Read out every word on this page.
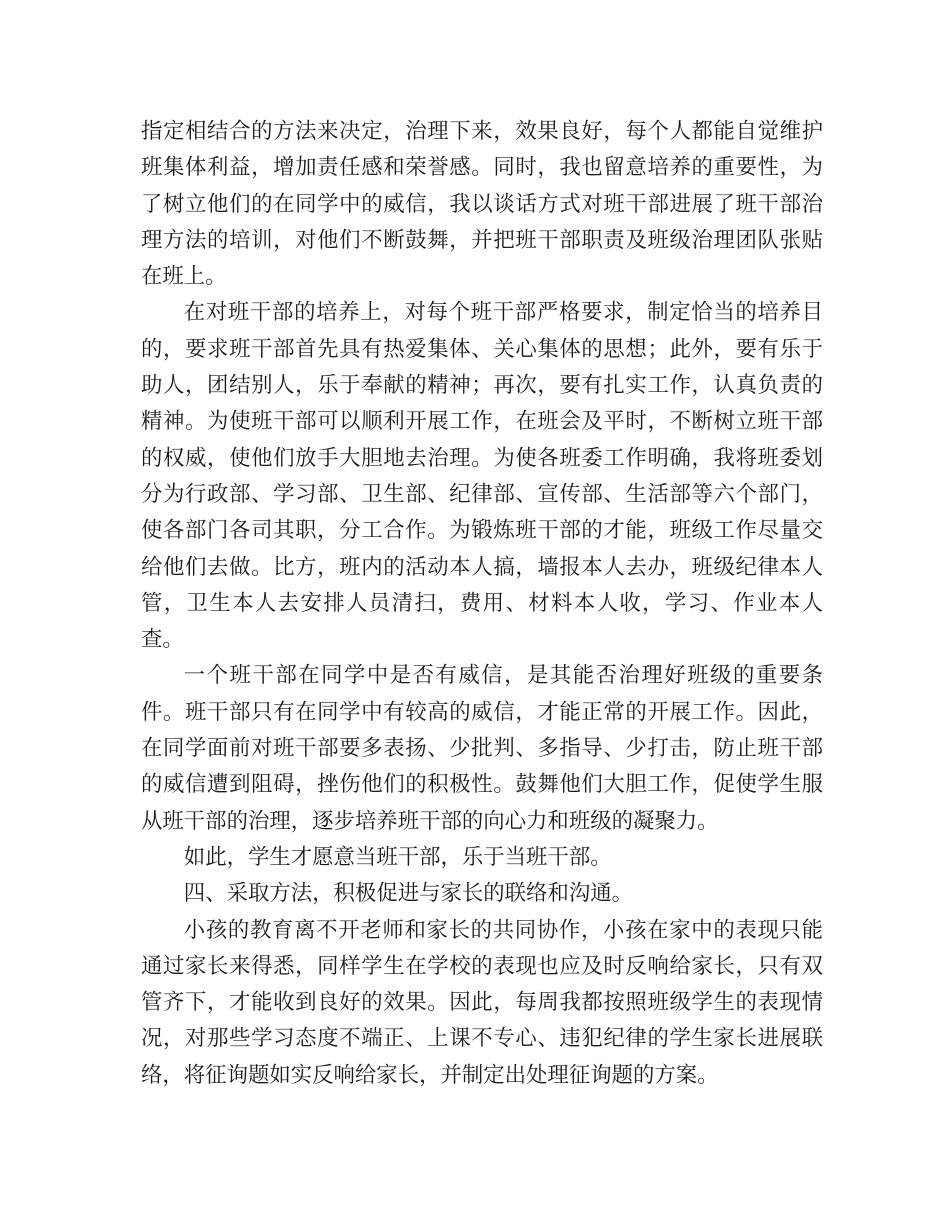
指定相结合的方法来决定，治理下来，效果良好，每个人都能自觉维护班集体利益，增加责任感和荣誉感。同时，我也留意培养的重要性，为了树立他们的在同学中的威信，我以谈话方式对班干部进展了班干部治理方法的培训，对他们不断鼓舞，并把班干部职责及班级治理团队张贴在班上。

在对班干部的培养上，对每个班干部严格要求，制定恰当的培养目的，要求班干部首先具有热爱集体、关心集体的思想；此外，要有乐于助人，团结别人，乐于奉献的精神；再次，要有扎实工作，认真负责的精神。为使班干部可以顺利开展工作，在班会及平时，不断树立班干部的权威，使他们放手大胆地去治理。为使各班委工作明确，我将班委划分为行政部、学习部、卫生部、纪律部、宣传部、生活部等六个部门，使各部门各司其职，分工合作。为锻炼班干部的才能，班级工作尽量交给他们去做。比方，班内的活动本人搞，墙报本人去办，班级纪律本人管，卫生本人去安排人员清扫，费用、材料本人收，学习、作业本人查。

一个班干部在同学中是否有威信，是其能否治理好班级的重要条件。班干部只有在同学中有较高的威信，才能正常的开展工作。因此，在同学面前对班干部要多表扬、少批判、多指导、少打击，防止班干部的威信遭到阻碍，挫伤他们的积极性。鼓舞他们大胆工作，促使学生服从班干部的治理，逐步培养班干部的向心力和班级的凝聚力。

如此，学生才愿意当班干部，乐于当班干部。

四、采取方法，积极促进与家长的联络和沟通。

小孩的教育离不开老师和家长的共同协作，小孩在家中的表现只能通过家长来得悉，同样学生在学校的表现也应及时反响给家长，只有双管齐下，才能收到良好的效果。因此，每周我都按照班级学生的表现情况，对那些学习态度不端正、上课不专心、违犯纪律的学生家长进展联络，将征询题如实反响给家长，并制定出处理征询题的方案。
